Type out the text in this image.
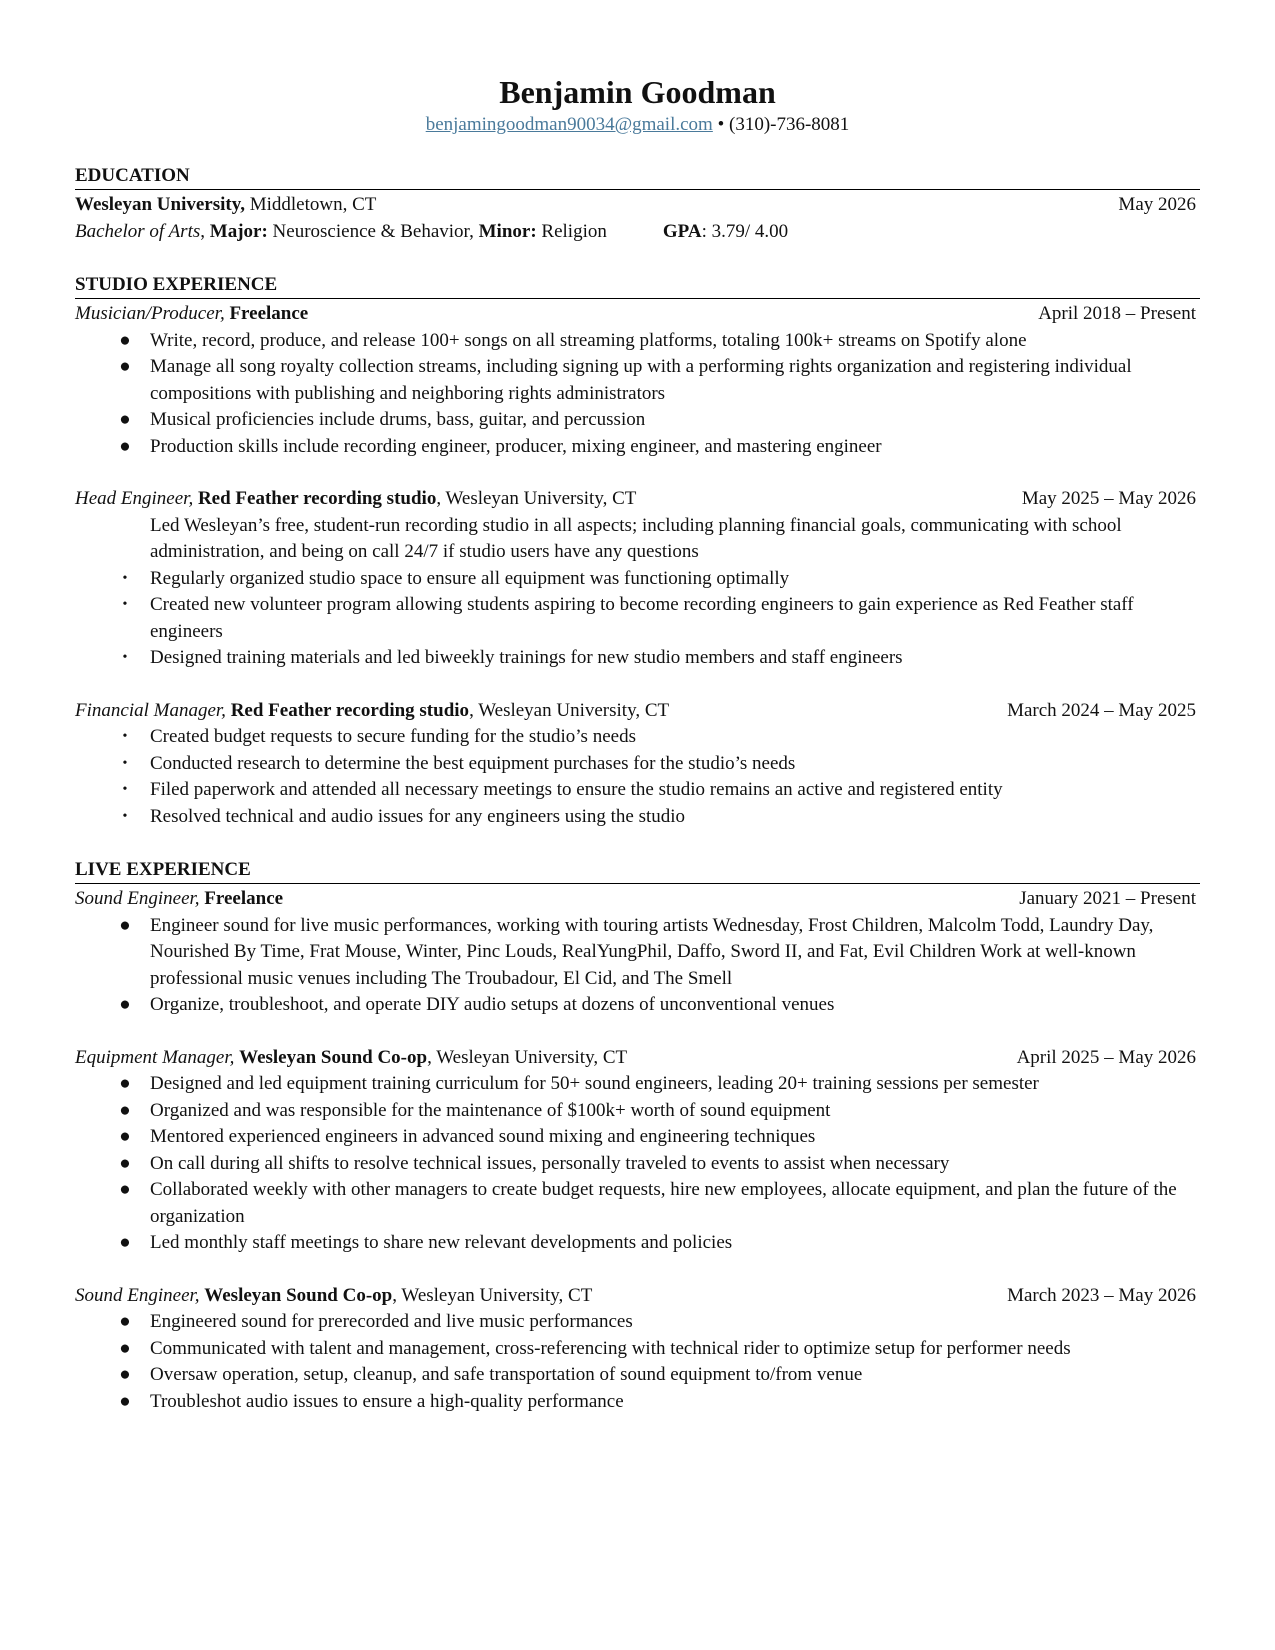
Benjamin Goodman
benjamingoodman90034@gmail.com • (310)-736-8081
EDUCATION
Wesleyan University, Middletown, CT	May 2026
Bachelor of Arts, Major: Neuroscience & Behavior, Minor: Religion	GPA: 3.79/ 4.00
STUDIO EXPERIENCE
Musician/Producer, Freelance	April 2018 – Present
● Write, record, produce, and release 100+ songs on all streaming platforms, totaling 100k+ streams on Spotify alone
● Manage all song royalty collection streams, including signing up with a performing rights organization and registering individual compositions with publishing and neighboring rights administrators
● Musical proficiencies include drums, bass, guitar, and percussion
● Production skills include recording engineer, producer, mixing engineer, and mastering engineer
Head Engineer, Red Feather recording studio, Wesleyan University, CT	May 2025 – May 2026
Led Wesleyan’s free, student-run recording studio in all aspects; including planning financial goals, communicating with school administration, and being on call 24/7 if studio users have any questions
•	Regularly organized studio space to ensure all equipment was functioning optimally
•	Created new volunteer program allowing students aspiring to become recording engineers to gain experience as Red Feather staff engineers
•	Designed training materials and led biweekly trainings for new studio members and staff engineers
Financial Manager, Red Feather recording studio, Wesleyan University, CT	March 2024 – May 2025
•	Created budget requests to secure funding for the studio’s needs
•	Conducted research to determine the best equipment purchases for the studio’s needs
•	Filed paperwork and attended all necessary meetings to ensure the studio remains an active and registered entity
•	Resolved technical and audio issues for any engineers using the studio
LIVE EXPERIENCE
Sound Engineer, Freelance	January 2021 – Present
● Engineer sound for live music performances, working with touring artists Wednesday, Frost Children, Malcolm Todd, Laundry Day, Nourished By Time, Frat Mouse, Winter, Pinc Louds, RealYungPhil, Daffo, Sword II, and Fat, Evil Children Work at well-known professional music venues including The Troubadour, El Cid, and The Smell
● Organize, troubleshoot, and operate DIY audio setups at dozens of unconventional venues
Equipment Manager, Wesleyan Sound Co-op, Wesleyan University, CT	April 2025 – May 2026
● Designed and led equipment training curriculum for 50+ sound engineers, leading 20+ training sessions per semester
● Organized and was responsible for the maintenance of $100k+ worth of sound equipment
● Mentored experienced engineers in advanced sound mixing and engineering techniques
● On call during all shifts to resolve technical issues, personally traveled to events to assist when necessary
● Collaborated weekly with other managers to create budget requests, hire new employees, allocate equipment, and plan the future of the organization
● Led monthly staff meetings to share new relevant developments and policies
Sound Engineer, Wesleyan Sound Co-op, Wesleyan University, CT	March 2023 – May 2026
● Engineered sound for prerecorded and live music performances
● Communicated with talent and management, cross-referencing with technical rider to optimize setup for performer needs
● Oversaw operation, setup, cleanup, and safe transportation of sound equipment to/from venue
● Troubleshot audio issues to ensure a high-quality performance
